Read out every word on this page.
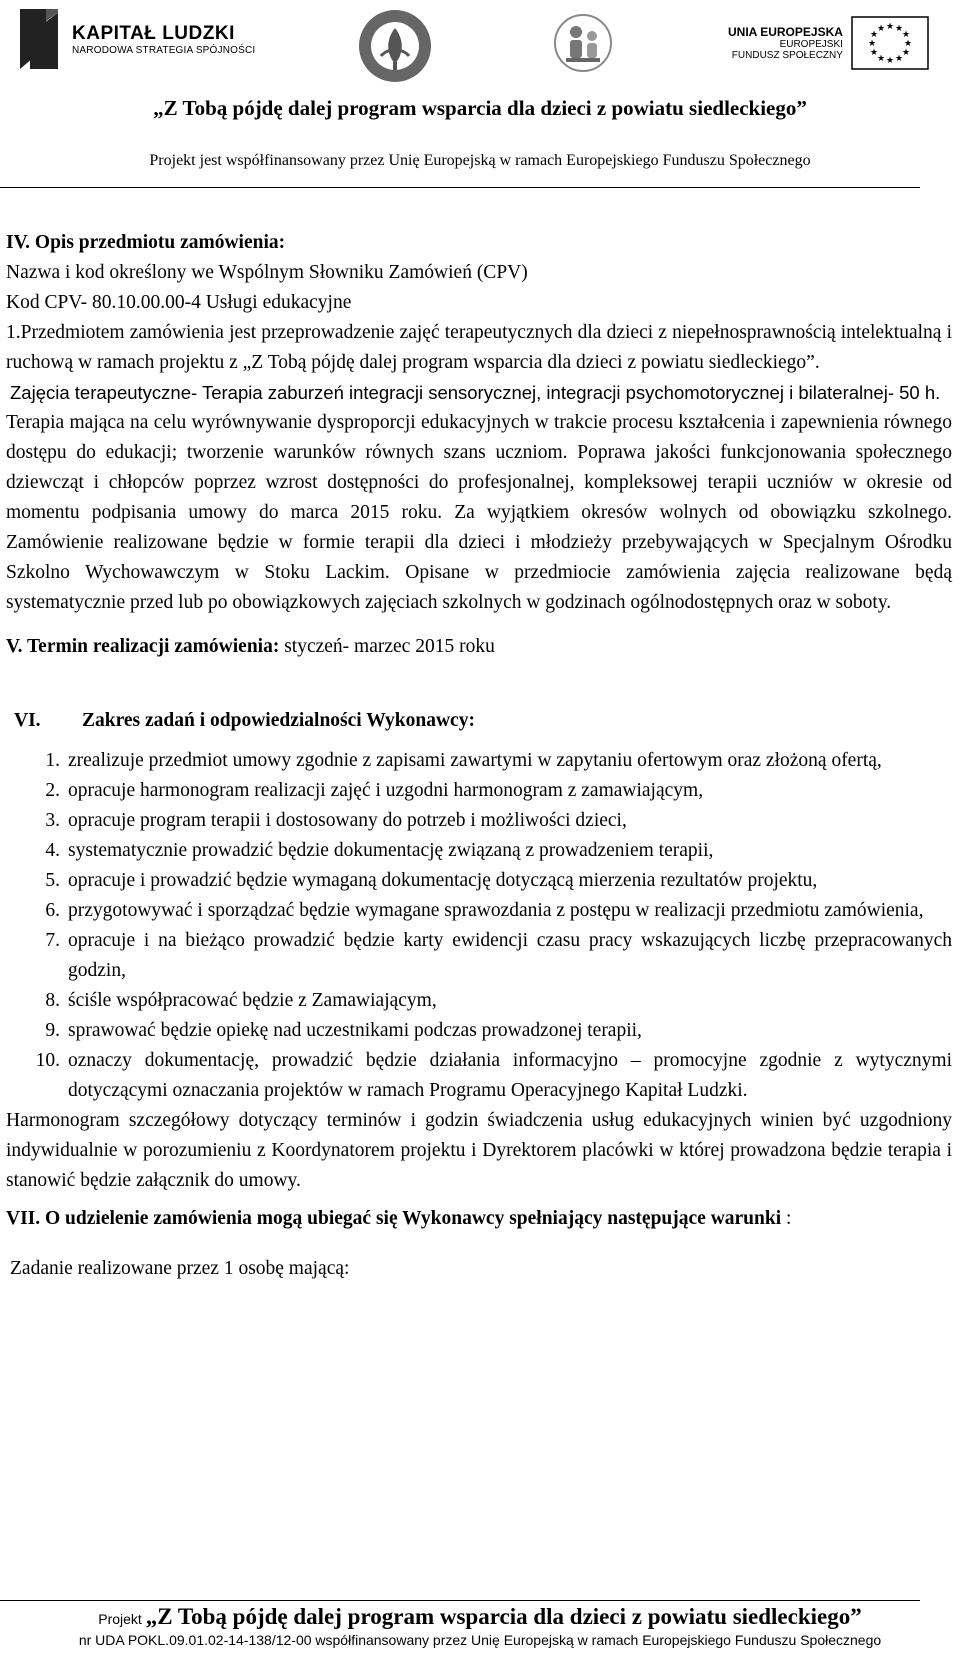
KAPITAŁ LUDZKI
NARODOWA STRATEGIA SPÓJNOŚCI
UNIA EUROPEJSKA
EUROPEJSKI
FUNDUSZ SPOŁECZNY
★ ★
★
★
★
★
★
★
★
★
★
★
„Z Tobą pójdę dalej program wsparcia dla dzieci z powiatu siedleckiego”
Projekt jest współfinansowany przez Unię Europejską w ramach Europejskiego Funduszu Społecznego

IV. Opis przedmiotu zamówienia:

Nazwa i kod określony we Wspólnym Słowniku Zamówień (CPV)

Kod CPV- 80.10.00.00-4 Usługi edukacyjne

1.Przedmiotem zamówienia jest przeprowadzenie zajęć terapeutycznych dla dzieci z niepełnosprawnością intelektualną i ruchową w ramach projektu z „Z Tobą pójdę dalej program wsparcia dla dzieci z powiatu siedleckiego”.

Zajęcia terapeutyczne- Terapia zaburzeń integracji sensorycznej, integracji psychomotorycznej i bilateralnej- 50 h.

Terapia mająca na celu wyrównywanie dysproporcji edukacyjnych w trakcie procesu kształcenia i zapewnienia równego dostępu do edukacji; tworzenie warunków równych szans uczniom. Poprawa jakości funkcjonowania społecznego dziewcząt i chłopców poprzez wzrost dostępności do profesjonalnej, kompleksowej terapii uczniów w okresie od momentu podpisania umowy do marca 2015 roku. Za wyjątkiem okresów wolnych od obowiązku szkolnego. Zamówienie realizowane będzie w formie terapii dla dzieci i młodzieży przebywających w Specjalnym Ośrodku Szkolno Wychowawczym w Stoku Lackim. Opisane w przedmiocie zamówienia zajęcia realizowane będą systematycznie przed lub po obowiązkowych zajęciach szkolnych w godzinach ogólnodostępnych oraz w soboty.

V. Termin realizacji zamówienia: styczeń- marzec 2015 roku

VI.	Zakres zadań i odpowiedzialności Wykonawcy:

1. zrealizuje przedmiot umowy zgodnie z zapisami zawartymi w zapytaniu ofertowym oraz złożoną ofertą,
2. opracuje harmonogram realizacji zajęć i uzgodni harmonogram z zamawiającym,
3. opracuje program terapii i dostosowany do potrzeb i możliwości dzieci,
4. systematycznie prowadzić będzie dokumentację związaną z prowadzeniem terapii,
5. opracuje i prowadzić będzie wymaganą dokumentację dotyczącą mierzenia rezultatów projektu,
6. przygotowywać i sporządzać będzie wymagane sprawozdania z postępu w realizacji przedmiotu zamówienia,
7. opracuje i na bieżąco prowadzić będzie karty ewidencji czasu pracy wskazujących liczbę przepracowanych godzin,
8. ściśle współpracować będzie z Zamawiającym,
9. sprawować będzie opiekę nad uczestnikami podczas prowadzonej terapii,
10. oznaczy dokumentację, prowadzić będzie działania informacyjno – promocyjne zgodnie z wytycznymi dotyczącymi oznaczania projektów w ramach Programu Operacyjnego Kapitał Ludzki.

Harmonogram szczegółowy dotyczący terminów i godzin świadczenia usług edukacyjnych winien być uzgodniony indywidualnie w porozumieniu z Koordynatorem projektu i Dyrektorem placówki w której prowadzona będzie terapia i stanowić będzie załącznik do umowy.

VII. O udzielenie zamówienia mogą ubiegać się Wykonawcy spełniający następujące warunki :

Zadanie realizowane przez 1 osobę mającą:

Projekt „Z Tobą pójdę dalej program wsparcia dla dzieci z powiatu siedleckiego”
nr UDA POKL.09.01.02-14-138/12-00 współfinansowany przez Unię Europejską w ramach Europejskiego Funduszu Społecznego
